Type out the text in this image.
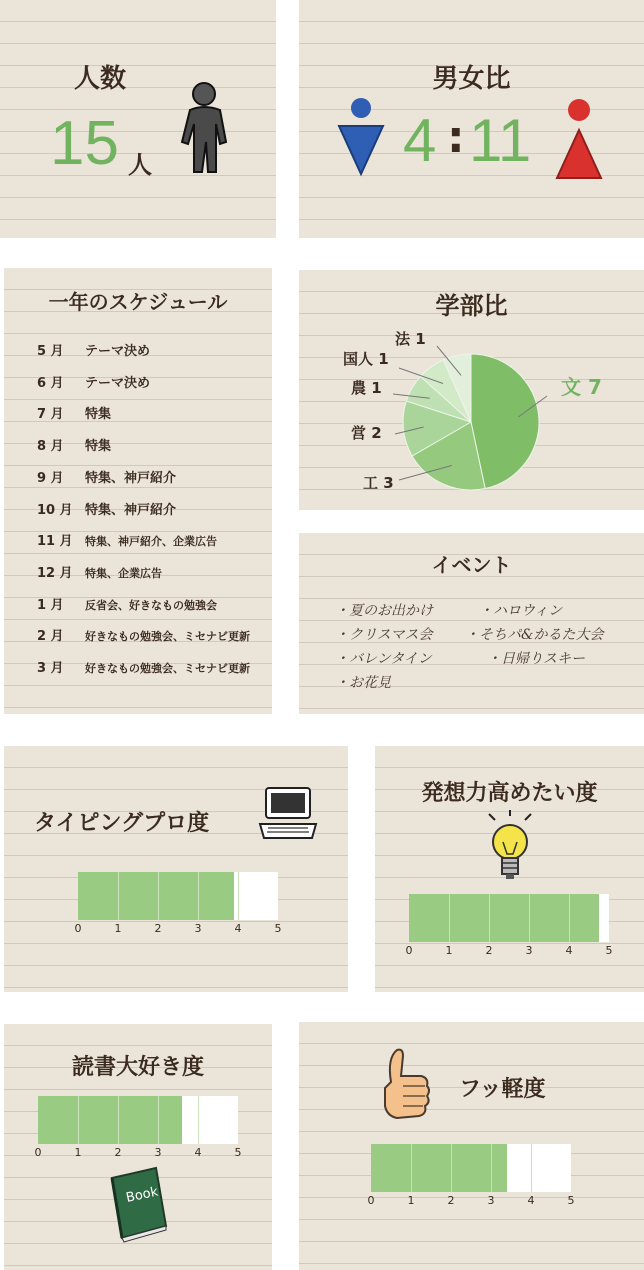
人数
15 人
男女比
4 : 11
一年のスケジュール
5 月 テーマ決め
6 月 テーマ決め
7 月 特集
8 月 特集
9 月 特集、神戸紹介
10 月 特集、神戸紹介
11 月 特集、神戸紹介、企業広告
12 月 特集、企業広告
1 月 反省会、好きなもの勉強会
2 月 好きなもの勉強会、ミセナビ更新
3 月 好きなもの勉強会、ミセナビ更新
学部比
文 7
工 3
営 2
農 1
国人 1
法 1
イベント
・夏のお出かけ	・ハロウィン
・クリスマス会 ・そちパ&かるた大会
・バレンタイン	・日帰りスキー
・お花見
タイピングプロ度
0	1	2	3	4	5
発想力高めたい度
0	1	2	3	4	5
読書大好き度
0	1	2	3	4	5
Book
フッ軽度
0	1	2	3	4	5
